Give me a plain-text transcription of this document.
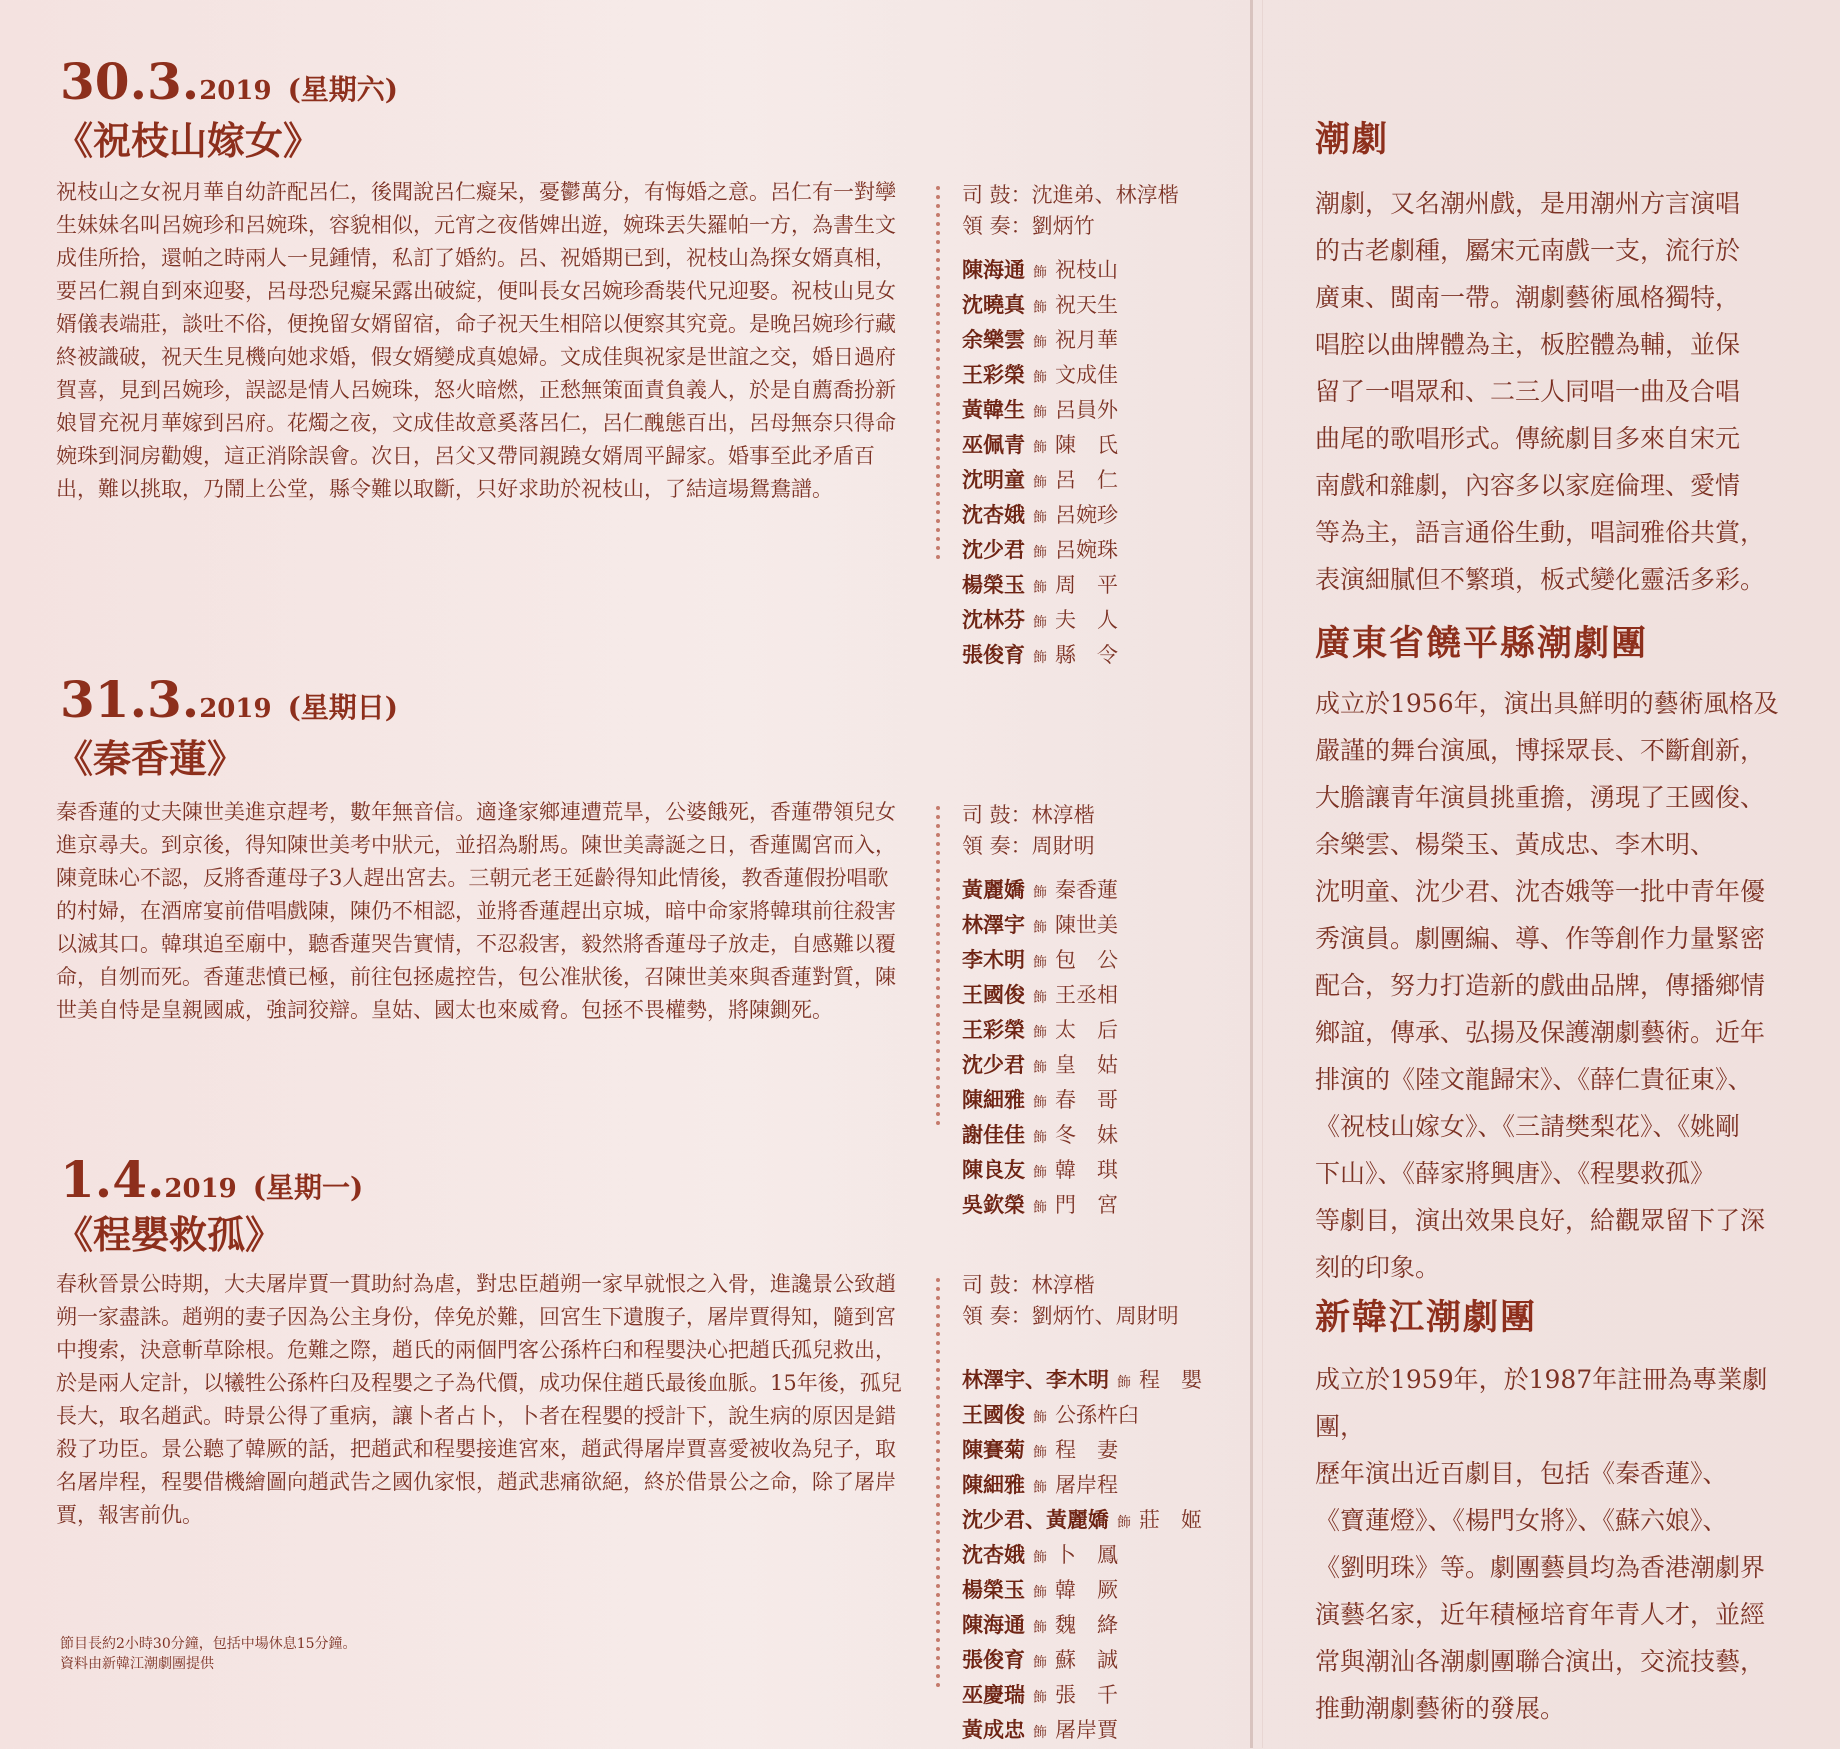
30.3.2019 (星期六)
《祝枝山嫁女》

祝枝山之女祝月華自幼許配呂仁，後聞說呂仁癡呆，憂鬱萬分，有悔婚之意。呂仁有一對孿生妹妹名叫呂婉珍和呂婉珠，容貌相似，元宵之夜偕婢出遊，婉珠丟失羅帕一方，為書生文成佳所拾，還帕之時兩人一見鍾情，私訂了婚約。呂、祝婚期已到，祝枝山為探女婿真相，要呂仁親自到來迎娶，呂母恐兒癡呆露出破綻，便叫長女呂婉珍喬裝代兄迎娶。祝枝山見女婿儀表端莊，談吐不俗，便挽留女婿留宿，命子祝天生相陪以便察其究竟。是晚呂婉珍行藏終被識破，祝天生見機向她求婚，假女婿變成真媳婦。文成佳與祝家是世誼之交，婚日過府賀喜，見到呂婉珍，誤認是情人呂婉珠，怒火暗燃，正愁無策面責負義人，於是自薦喬扮新娘冒充祝月華嫁到呂府。花燭之夜，文成佳故意奚落呂仁，呂仁醜態百出，呂母無奈只得命婉珠到洞房勸嫂，這正消除誤會。次日，呂父又帶同親蹺女婿周平歸家。婚事至此矛盾百出，難以挑取，乃鬧上公堂，縣令難以取斷，只好求助於祝枝山，了結這場鴛鴦譜。

司 鼓：沈進弟、林淳楷
領 奏：劉炳竹
陳海通 飾 祝枝山
沈曉真 飾 祝天生
余樂雲 飾 祝月華
王彩榮 飾 文成佳
黃韓生 飾 呂員外
巫佩青 飾 陳　氏
沈明童 飾 呂　仁
沈杏娥 飾 呂婉珍
沈少君 飾 呂婉珠
楊榮玉 飾 周　平
沈林芬 飾 夫　人
張俊育 飾 縣　令
31.3.2019 (星期日)
《秦香蓮》

秦香蓮的丈夫陳世美進京趕考，數年無音信。適逢家鄉連遭荒旱，公婆餓死，香蓮帶領兒女進京尋夫。到京後，得知陳世美考中狀元，並招為駙馬。陳世美壽誕之日，香蓮闖宮而入，陳竟昧心不認，反將香蓮母子3人趕出宮去。三朝元老王延齡得知此情後，教香蓮假扮唱歌的村婦，在酒席宴前借唱戲陳，陳仍不相認，並將香蓮趕出京城，暗中命家將韓琪前往殺害以滅其口。韓琪追至廟中，聽香蓮哭告實情，不忍殺害，毅然將香蓮母子放走，自感難以覆命，自刎而死。香蓮悲憤已極，前往包拯處控告，包公准狀後，召陳世美來與香蓮對質，陳世美自恃是皇親國戚，強詞狡辯。皇姑、國太也來威脅。包拯不畏權勢，將陳鍘死。

司 鼓：林淳楷
領 奏：周財明
黃麗嬌 飾 秦香蓮
林澤宇 飾 陳世美
李木明 飾 包　公
王國俊 飾 王丞相
王彩榮 飾 太　后
沈少君 飾 皇　姑
陳細雅 飾 春　哥
謝佳佳 飾 冬　妹
陳良友 飾 韓　琪
吳欽榮 飾 門　宮
1.4.2019 (星期一)
《程嬰救孤》

春秋晉景公時期，大夫屠岸賈一貫助紂為虐，對忠臣趙朔一家早就恨之入骨，進讒景公致趙朔一家盡誅。趙朔的妻子因為公主身份，倖免於難，回宮生下遺腹子，屠岸賈得知，隨到宮中搜索，決意斬草除根。危難之際，趙氏的兩個門客公孫杵臼和程嬰決心把趙氏孤兒救出，於是兩人定計，以犧牲公孫杵臼及程嬰之子為代價，成功保住趙氏最後血脈。15年後，孤兒長大，取名趙武。時景公得了重病，讓卜者占卜，卜者在程嬰的授計下，說生病的原因是錯殺了功臣。景公聽了韓厥的話，把趙武和程嬰接進宮來，趙武得屠岸賈喜愛被收為兒子，取名屠岸程，程嬰借機繪圖向趙武告之國仇家恨，趙武悲痛欲絕，終於借景公之命，除了屠岸賈，報害前仇。

司 鼓：林淳楷
領 奏：劉炳竹、周財明
林澤宇、李木明 飾 程　嬰
王國俊 飾 公孫杵臼
陳賽菊 飾 程　妻
陳細雅 飾 屠岸程
沈少君、黃麗嬌 飾 莊　姬
沈杏娥 飾 卜　鳳
楊榮玉 飾 韓　厥
陳海通 飾 魏　絳
張俊育 飾 蘇　誠
巫慶瑞 飾 張　千
黃成忠 飾 屠岸賈
節目長約2小時30分鐘，包括中場休息15分鐘。
資料由新韓江潮劇團提供
潮劇
潮劇，又名潮州戲，是用潮州方言演唱
的古老劇種，屬宋元南戲一支，流行於
廣東、閩南一帶。潮劇藝術風格獨特，
唱腔以曲牌體為主，板腔體為輔，並保
留了一唱眾和、二三人同唱一曲及合唱
曲尾的歌唱形式。傳統劇目多來自宋元
南戲和雜劇，內容多以家庭倫理、愛情
等為主，語言通俗生動，唱詞雅俗共賞，
表演細膩但不繁瑣，板式變化靈活多彩。
廣東省饒平縣潮劇團
成立於1956年，演出具鮮明的藝術風格及
嚴謹的舞台演風，博採眾長、不斷創新，
大膽讓青年演員挑重擔，湧現了王國俊、
余樂雲、楊榮玉、黃成忠、李木明、
沈明童、沈少君、沈杏娥等一批中青年優
秀演員。劇團編、導、作等創作力量緊密
配合，努力打造新的戲曲品牌，傳播鄉情
鄉誼，傳承、弘揚及保護潮劇藝術。近年
排演的《陸文龍歸宋》、《薛仁貴征東》、
《祝枝山嫁女》、《三請樊梨花》、《姚剛
下山》、《薛家將興唐》、《程嬰救孤》
等劇目，演出效果良好，給觀眾留下了深
刻的印象。
新韓江潮劇團
成立於1959年，於1987年註冊為專業劇團，
歷年演出近百劇目，包括《秦香蓮》、
《寶蓮燈》、《楊門女將》、《蘇六娘》、
《劉明珠》等。劇團藝員均為香港潮劇界
演藝名家，近年積極培育年青人才，並經
常與潮汕各潮劇團聯合演出，交流技藝，
推動潮劇藝術的發展。
